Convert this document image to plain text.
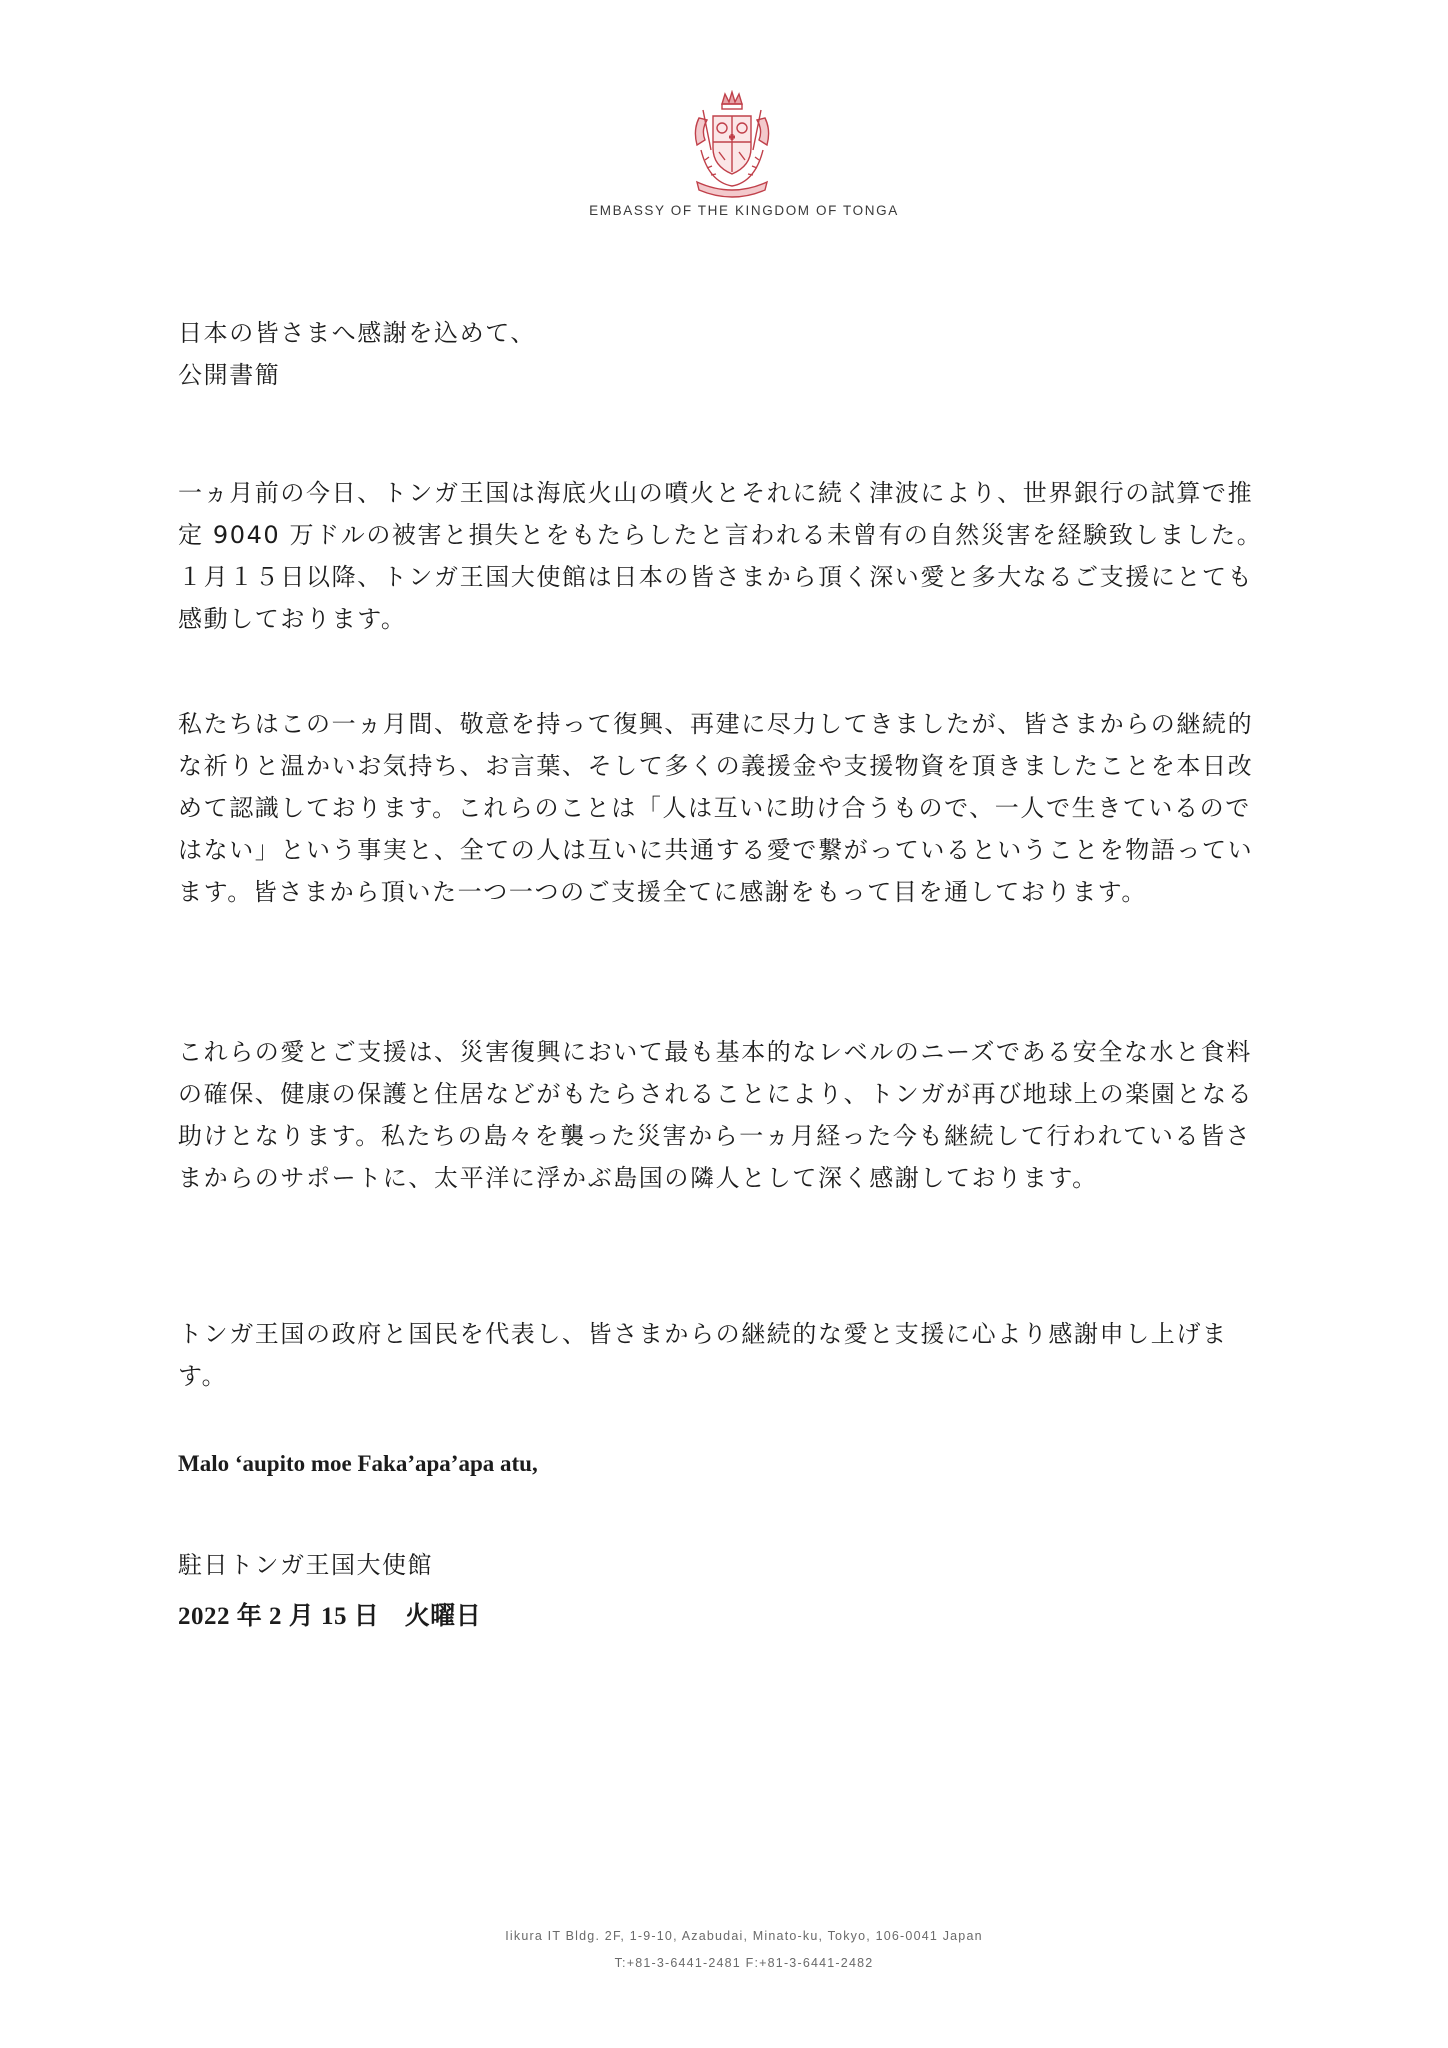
EMBASSY OF THE KINGDOM OF TONGA

日本の皆さまへ感謝を込めて、

公開書簡

一ヵ月前の今日、トンガ王国は海底火山の噴火とそれに続く津波により、世界銀行の試算で推定 9040 万ドルの被害と損失とをもたらしたと言われる未曾有の自然災害を経験致しました。１月１５日以降、トンガ王国大使館は日本の皆さまから頂く深い愛と多大なるご支援にとても感動しております。

私たちはこの一ヵ月間、敬意を持って復興、再建に尽力してきましたが、皆さまからの継続的な祈りと温かいお気持ち、お言葉、そして多くの義援金や支援物資を頂きましたことを本日改めて認識しております。これらのことは「人は互いに助け合うもので、一人で生きているのではない」という事実と、全ての人は互いに共通する愛で繋がっているということを物語っています。皆さまから頂いた一つ一つのご支援全てに感謝をもって目を通しております。

これらの愛とご支援は、災害復興において最も基本的なレベルのニーズである安全な水と食料の確保、健康の保護と住居などがもたらされることにより、トンガが再び地球上の楽園となる助けとなります。私たちの島々を襲った災害から一ヵ月経った今も継続して行われている皆さまからのサポートに、太平洋に浮かぶ島国の隣人として深く感謝しております。

トンガ王国の政府と国民を代表し、皆さまからの継続的な愛と支援に心より感謝申し上げます。

Malo ‘aupito moe Faka’apa’apa atu,
駐日トンガ王国大使館
2022 年 2 月 15 日　火曜日
Iikura IT Bldg. 2F, 1-9-10, Azabudai, Minato-ku, Tokyo, 106-0041 Japan
T:+81-3-6441-2481 F:+81-3-6441-2482
